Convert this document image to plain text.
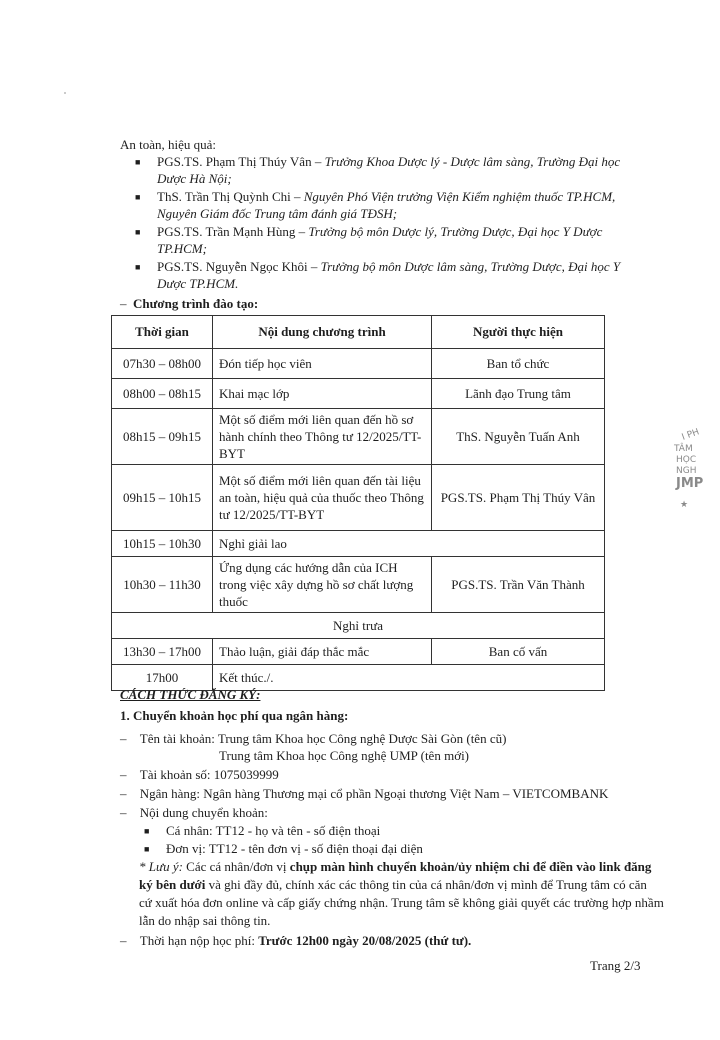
An toàn, hiệu quả:
■ PGS.TS. Phạm Thị Thúy Vân – Trưởng Khoa Dược lý - Dược lâm sàng, Trường Đại học
Dược Hà Nội;
■ ThS. Trần Thị Quỳnh Chi – Nguyên Phó Viện trưởng Viện Kiểm nghiệm thuốc TP.HCM,
Nguyên Giám đốc Trung tâm đánh giá TĐSH;
■ PGS.TS. Trần Mạnh Hùng – Trưởng bộ môn Dược lý, Trường Dược, Đại học Y Dược
TP.HCM;
■ PGS.TS. Nguyễn Ngọc Khôi – Trưởng bộ môn Dược lâm sàng, Trường Dược, Đại học Y
Dược TP.HCM.
– Chương trình đào tạo:
Thời gian	Nội dung chương trình	Người thực hiện
07h30 – 08h00	Đón tiếp học viên	Ban tổ chức
08h00 – 08h15	Khai mạc lớp	Lãnh đạo Trung tâm
08h15 – 09h15	Một số điểm mới liên quan đến hồ sơ hành chính theo Thông tư 12/2025/TT-BYT	ThS. Nguyễn Tuấn Anh
09h15 – 10h15	Một số điểm mới liên quan đến tài liệu an toàn, hiệu quả của thuốc theo Thông tư 12/2025/TT-BYT	PGS.TS. Phạm Thị Thúy Vân
10h15 – 10h30	Nghỉ giải lao	
10h30 – 11h30	Ứng dụng các hướng dẫn của ICH trong việc xây dựng hồ sơ chất lượng thuốc	PGS.TS. Trần Văn Thành
Nghỉ trưa		
13h30 – 17h00	Thảo luận, giải đáp thắc mắc	Ban cố vấn
17h00	Kết thúc./.	
CÁCH THỨC ĐĂNG KÝ:
1. Chuyển khoản học phí qua ngân hàng:
– Tên tài khoản: Trung tâm Khoa học Công nghệ Dược Sài Gòn (tên cũ)
Trung tâm Khoa học Công nghệ UMP (tên mới)
– Tài khoản số: 1075039999
– Ngân hàng: Ngân hàng Thương mại cổ phần Ngoại thương Việt Nam – VIETCOMBANK
– Nội dung chuyển khoản:
■ Cá nhân: TT12 - họ và tên - số điện thoại
■ Đơn vị: TT12 - tên đơn vị - số điện thoại đại diện
* Lưu ý: Các cá nhân/đơn vị chụp màn hình chuyển khoản/ủy nhiệm chi để điền vào link đăng
ký bên dưới và ghi đầy đủ, chính xác các thông tin của cá nhân/đơn vị mình để Trung tâm có căn
cứ xuất hóa đơn online và cấp giấy chứng nhận. Trung tâm sẽ không giải quyết các trường hợp nhầm
lẫn do nhập sai thông tin.
– Thời hạn nộp học phí: Trước 12h00 ngày 20/08/2025 (thứ tư).
I PH
TÂM
HỌC
NGH
JMP
★
Trang 2/3
